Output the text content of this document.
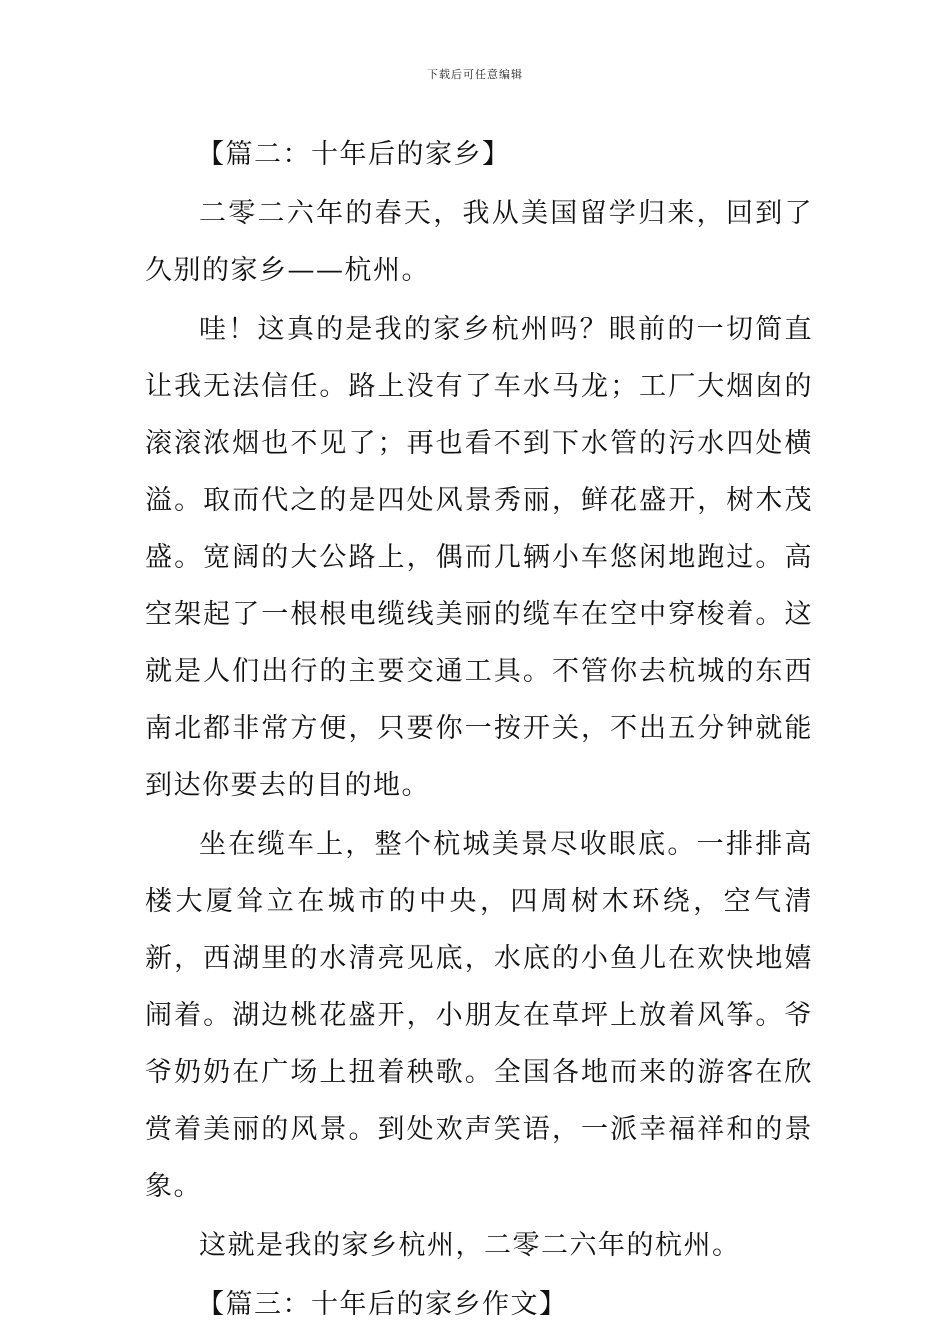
下载后可任意编辑
【篇二：十年后的家乡】

二零二六年的春天，我从美国留学归来，回到了久别的家乡——杭州。

哇！这真的是我的家乡杭州吗？眼前的一切简直让我无法信任。路上没有了车水马龙；工厂大烟囱的滚滚浓烟也不见了；再也看不到下水管的污水四处横溢。取而代之的是四处风景秀丽，鲜花盛开，树木茂盛。宽阔的大公路上，偶而几辆小车悠闲地跑过。高空架起了一根根电缆线美丽的缆车在空中穿梭着。这就是人们出行的主要交通工具。不管你去杭城的东西南北都非常方便，只要你一按开关，不出五分钟就能到达你要去的目的地。

坐在缆车上，整个杭城美景尽收眼底。一排排高楼大厦耸立在城市的中央，四周树木环绕，空气清新，西湖里的水清亮见底，水底的小鱼儿在欢快地嬉闹着。湖边桃花盛开，小朋友在草坪上放着风筝。爷爷奶奶在广场上扭着秧歌。全国各地而来的游客在欣赏着美丽的风景。到处欢声笑语，一派幸福祥和的景象。

这就是我的家乡杭州，二零二六年的杭州。

【篇三：十年后的家乡作文】
